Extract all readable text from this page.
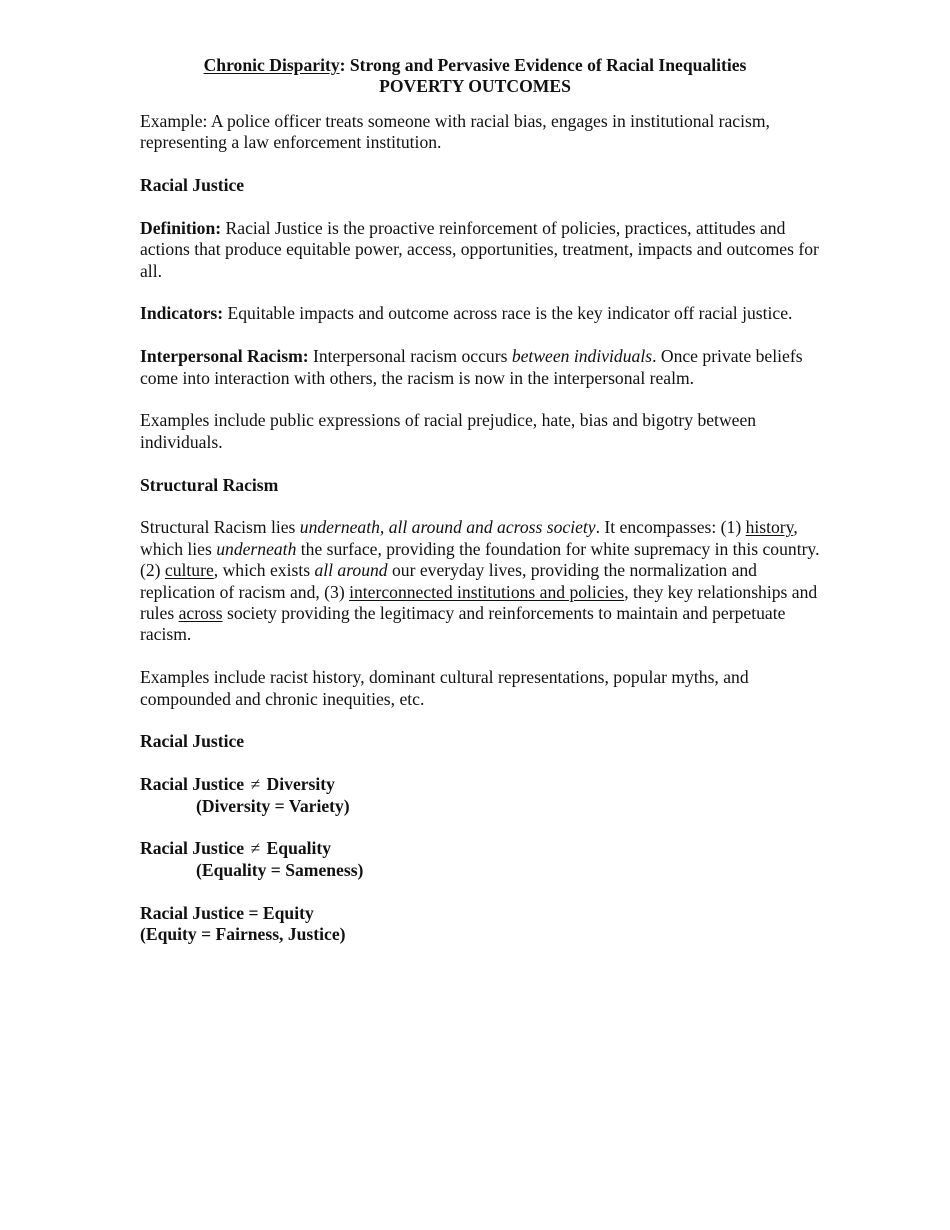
Chronic Disparity: Strong and Pervasive Evidence of Racial Inequalities

POVERTY OUTCOMES

Example: A police officer treats someone with racial bias, engages in institutional racism, representing a law enforcement institution.

Racial Justice

Definition: Racial Justice is the proactive reinforcement of policies, practices, attitudes and actions that produce equitable power, access, opportunities, treatment, impacts and outcomes for all.

Indicators: Equitable impacts and outcome across race is the key indicator off racial justice.

Interpersonal Racism: Interpersonal racism occurs between individuals. Once private beliefs come into interaction with others, the racism is now in the interpersonal realm.

Examples include public expressions of racial prejudice, hate, bias and bigotry between individuals.

Structural Racism

Structural Racism lies underneath, all around and across society. It encompasses: (1) history, which lies underneath the surface, providing the foundation for white supremacy in this country. (2) culture, which exists all around our everyday lives, providing the normalization and replication of racism and, (3) interconnected institutions and policies, they key relationships and rules across society providing the legitimacy and reinforcements to maintain and perpetuate racism.

Examples include racist history, dominant cultural representations, popular myths, and compounded and chronic inequities, etc.

Racial Justice

Racial Justice ≠ Diversity

(Diversity = Variety)

Racial Justice ≠ Equality

(Equality = Sameness)

Racial Justice = Equity

(Equity = Fairness, Justice)
